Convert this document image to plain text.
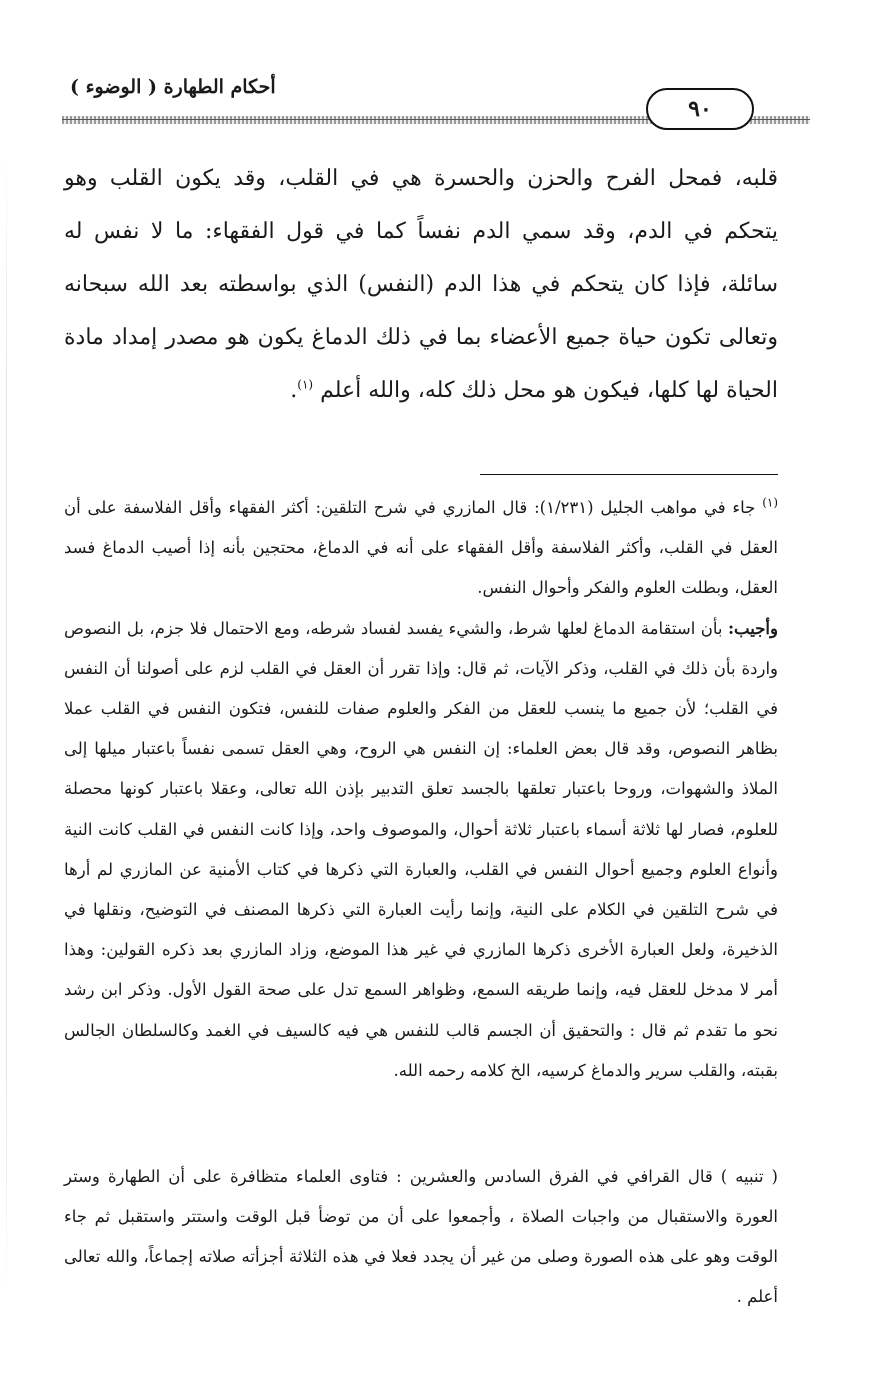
أحكام الطهارة ( الوضوء )
٩٠

قلبه، فمحل الفرح والحزن والحسرة هي في القلب، وقد يكون القلب وهو يتحكم في الدم، وقد سمي الدم نفساً كما في قول الفقهاء: ما لا نفس له سائلة، فإذا كان يتحكم في هذا الدم (النفس) الذي بواسطته بعد الله سبحانه وتعالى تكون حياة جميع الأعضاء بما في ذلك الدماغ يكون هو مصدر إمداد مادة الحياة لها كلها، فيكون هو محل ذلك كله، والله أعلم $^{(١)}$.

$^{(١)}$ جاء في مواهب الجليل (١/٢٣١): قال المازري في شرح التلقين: أكثر الفقهاء وأقل الفلاسفة على أن العقل في القلب، وأكثر الفلاسفة وأقل الفقهاء على أنه في الدماغ، محتجين بأنه إذا أصيب الدماغ فسد العقل، وبطلت العلوم والفكر وأحوال النفس.

وأجيب: بأن استقامة الدماغ لعلها شرط، والشيء يفسد لفساد شرطه، ومع الاحتمال فلا جزم، بل النصوص واردة بأن ذلك في القلب، وذكر الآيات، ثم قال: وإذا تقرر أن العقل في القلب لزم على أصولنا أن النفس في القلب؛ لأن جميع ما ينسب للعقل من الفكر والعلوم صفات للنفس، فتكون النفس في القلب عملا بظاهر النصوص، وقد قال بعض العلماء: إن النفس هي الروح، وهي العقل تسمى نفساً باعتبار ميلها إلى الملاذ والشهوات، وروحا باعتبار تعلقها بالجسد تعلق التدبير بإذن الله تعالى، وعقلا باعتبار كونها محصلة للعلوم، فصار لها ثلاثة أسماء باعتبار ثلاثة أحوال، والموصوف واحد، وإذا كانت النفس في القلب كانت النية وأنواع العلوم وجميع أحوال النفس في القلب، والعبارة التي ذكرها في كتاب الأمنية عن المازري لم أرها في شرح التلقين في الكلام على النية، وإنما رأيت العبارة التي ذكرها المصنف في التوضيح، ونقلها في الذخيرة، ولعل العبارة الأخرى ذكرها المازري في غير هذا الموضع، وزاد المازري بعد ذكره القولين: وهذا أمر لا مدخل للعقل فيه، وإنما طريقه السمع، وظواهر السمع تدل على صحة القول الأول. وذكر ابن رشد نحو ما تقدم ثم قال : والتحقيق أن الجسم قالب للنفس هي فيه كالسيف في الغمد وكالسلطان الجالس بقبته، والقلب سرير والدماغ كرسيه، الخ كلامه رحمه الله.

( تنبيه ) قال القرافي في الفرق السادس والعشرين : فتاوى العلماء متظافرة على أن الطهارة وستر العورة والاستقبال من واجبات الصلاة ، وأجمعوا على أن من توضأ قبل الوقت واستتر واستقبل ثم جاء الوقت وهو على هذه الصورة وصلى من غير أن يجدد فعلا في هذه الثلاثة أجزأته صلاته إجماعاً، والله تعالى أعلم .
